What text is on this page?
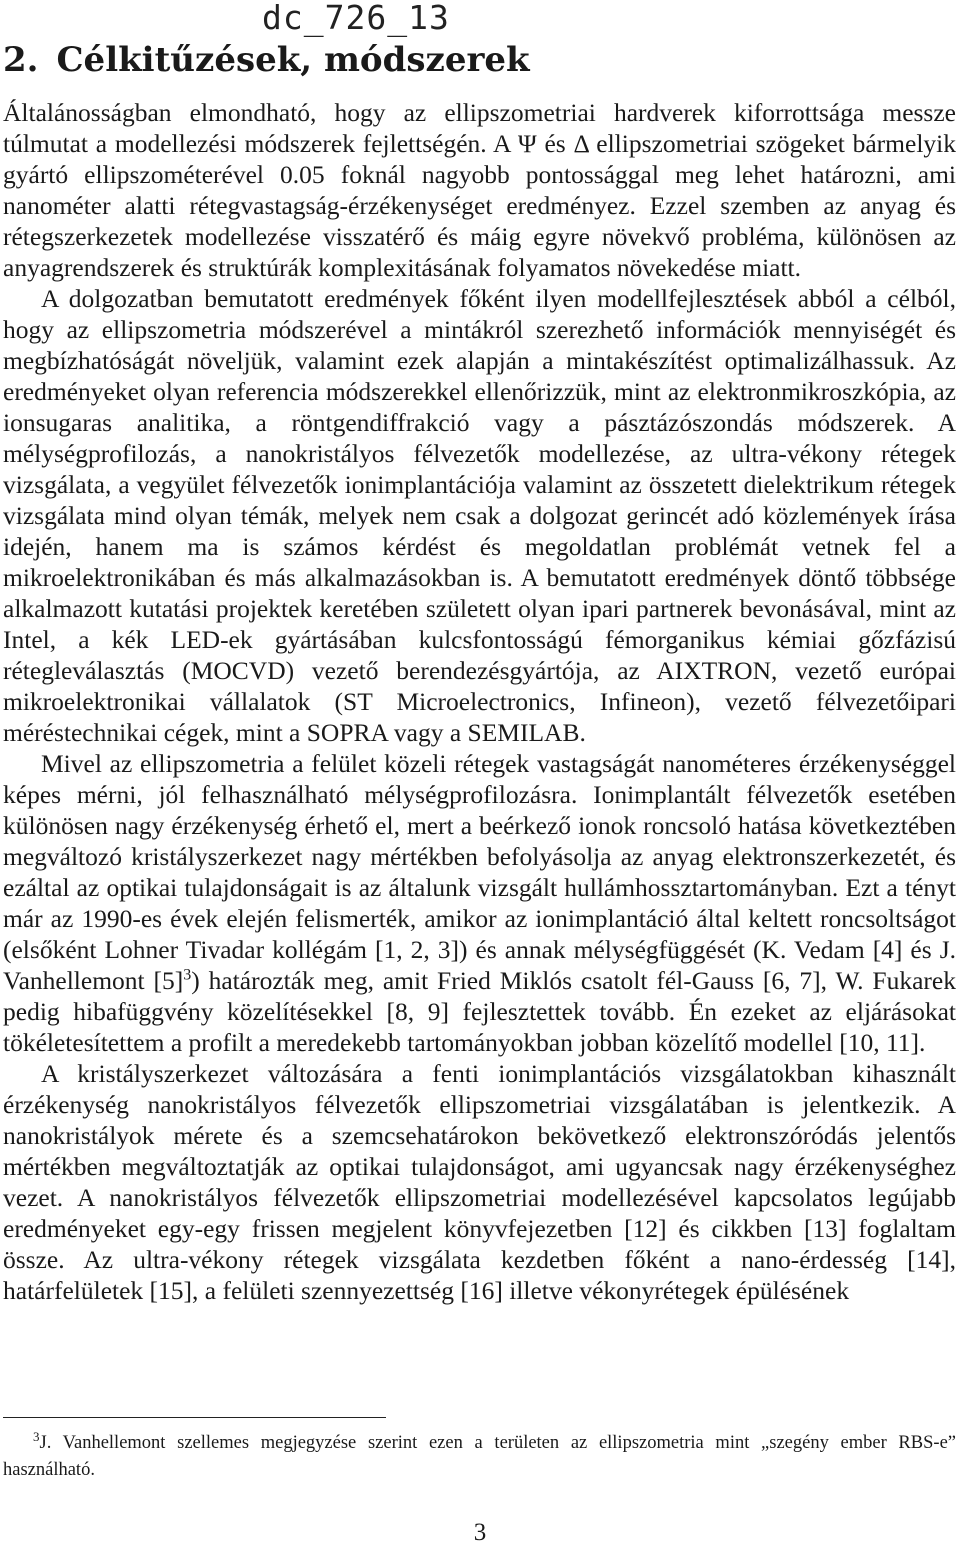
dc_726_13
2. Célkitűzések, módszerek

Általánosságban elmondható, hogy az ellipszometriai hardverek kiforrottsága messze túlmutat a modellezési módszerek fejlettségén. A Ψ és Δ ellipszometriai szögeket bármelyik gyártó ellipszométerével 0.05 foknál nagyobb pontossággal meg lehet határozni, ami nanométer alatti rétegvastagság-érzékenységet eredményez. Ezzel szemben az anyag és rétegszerkezetek modellezése visszatérő és máig egyre növekvő probléma, különösen az anyagrendszerek és struktúrák komplexitásának folyamatos növekedése miatt.

A dolgozatban bemutatott eredmények főként ilyen modellfejlesztések abból a célból, hogy az ellipszometria módszerével a mintákról szerezhető információk mennyiségét és megbízhatóságát növeljük, valamint ezek alapján a mintakészítést optimalizálhassuk. Az eredményeket olyan referencia módszerekkel ellenőrizzük, mint az elektronmikroszkópia, az ionsugaras analitika, a röntgendiffrakció vagy a pásztázószondás módszerek. A mélységprofilozás, a nanokristályos félvezetők modellezése, az ultra-vékony rétegek vizsgálata, a vegyület félvezetők ionimplantációja valamint az összetett dielektrikum rétegek vizsgálata mind olyan témák, melyek nem csak a dolgozat gerincét adó közlemények írása idején, hanem ma is számos kérdést és megoldatlan problémát vetnek fel a mikroelektronikában és más alkalmazásokban is. A bemutatott eredmények döntő többsége alkalmazott kutatási projektek keretében született olyan ipari partnerek bevonásával, mint az Intel, a kék LED-ek gyártásában kulcsfontosságú fémorganikus kémiai gőzfázisú rétegleválasztás (MOCVD) vezető berendezésgyártója, az AIXTRON, vezető európai mikroelektronikai vállalatok (ST Microelectronics, Infineon), vezető félvezetőipari méréstechnikai cégek, mint a SOPRA vagy a SEMILAB.

Mivel az ellipszometria a felület közeli rétegek vastagságát nanométeres érzékenységgel képes mérni, jól felhasználható mélységprofilozásra. Ionimplantált félvezetők esetében különösen nagy érzékenység érhető el, mert a beérkező ionok roncsoló hatása következtében megváltozó kristályszerkezet nagy mértékben befolyásolja az anyag elektronszerkezetét, és ezáltal az optikai tulajdonságait is az általunk vizsgált hullámhossztartományban. Ezt a tényt már az 1990-es évek elején felismerték, amikor az ionimplantáció által keltett roncsoltságot (elsőként Lohner Tivadar kollégám [1, 2, 3]) és annak mélységfüggését (K. Vedam [4] és J. Vanhellemont $[5]^3$) határozták meg, amit Fried Miklós csatolt fél-Gauss [6, 7], W. Fukarek pedig hibafüggvény közelítésekkel [8, 9] fejlesztettek tovább. Én ezeket az eljárásokat tökéletesítettem a profilt a meredekebb tartományokban jobban közelítő modellel [10, 11].

A kristályszerkezet változására a fenti ionimplantációs vizsgálatokban kihasznált érzékenység nanokristályos félvezetők ellipszometriai vizsgálatában is jelentkezik. A nanokristályok mérete és a szemcsehatárokon bekövetkező elektronszóródás jelentős mértékben megváltoztatják az optikai tulajdonságot, ami ugyancsak nagy érzékenységhez vezet. A nanokristályos félvezetők ellipszometriai modellezésével kapcsolatos legújabb eredményeket egy-egy frissen megjelent könyvfejezetben [12] és cikkben [13] foglaltam össze. Az ultra-vékony rétegek vizsgálata kezdetben főként a nano-érdesség [14], határfelületek [15], a felületi szennyezettség [16] illetve vékonyrétegek épülésének

$^3$J. Vanhellemont szellemes megjegyzése szerint ezen a területen az ellipszometria mint „szegény ember RBS-e” használható.
3
